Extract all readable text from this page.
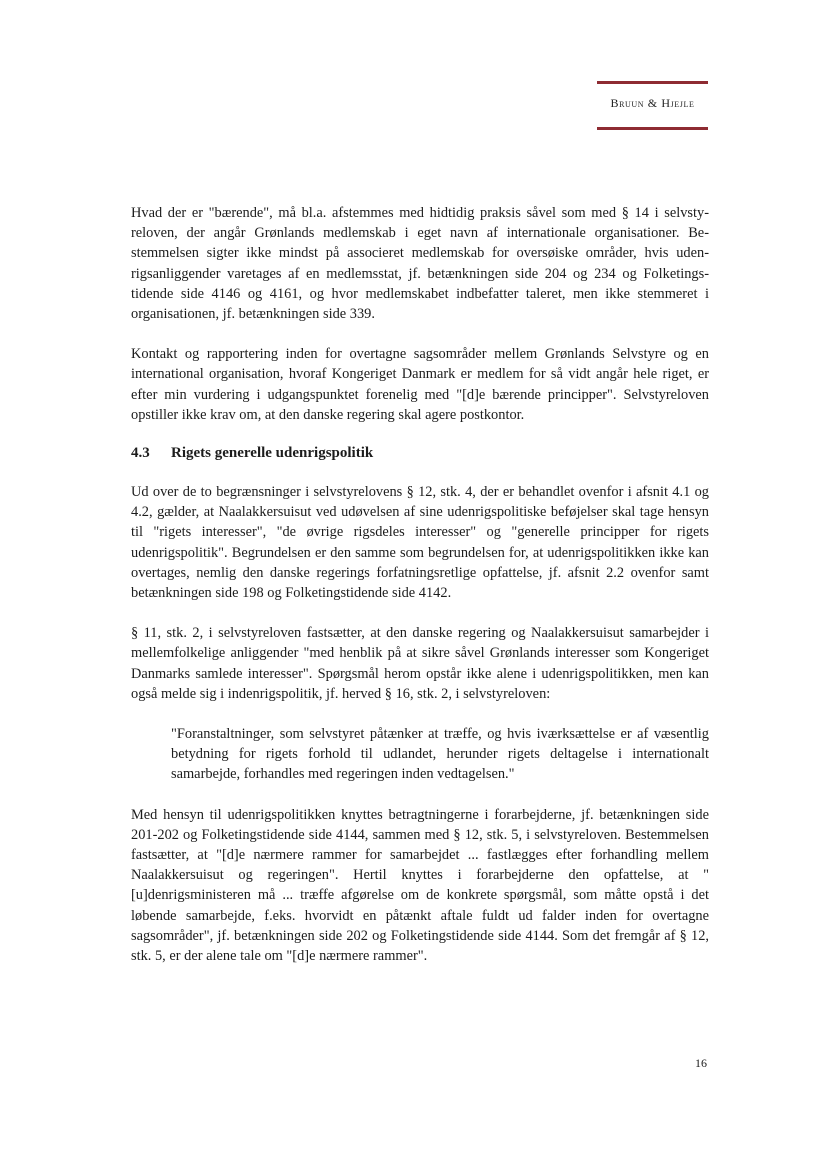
Bruun & Hjejle

Hvad der er "bærende", må bl.a. afstemmes med hidtidig praksis såvel som med § 14 i selvstyreloven, der angår Grønlands medlemskab i eget navn af internationale organisationer. Bestemmelsen sigter ikke mindst på associeret medlemskab for oversøiske områder, hvis udenrigsanliggender varetages af en medlemsstat, jf. betænkningen side 204 og 234 og Folketingstidende side 4146 og 4161, og hvor medlemskabet indbefatter taleret, men ikke stemmeret i organisationen, jf. betænkningen side 339.

Kontakt og rapportering inden for overtagne sagsområder mellem Grønlands Selvstyre og en international organisation, hvoraf Kongeriget Danmark er medlem for så vidt angår hele riget, er efter min vurdering i udgangspunktet forenelig med "[d]e bærende principper". Selvstyreloven opstiller ikke krav om, at den danske regering skal agere postkontor.

4.3 Rigets generelle udenrigspolitik

Ud over de to begrænsninger i selvstyrelovens § 12, stk. 4, der er behandlet ovenfor i afsnit 4.1 og 4.2, gælder, at Naalakkersuisut ved udøvelsen af sine udenrigspolitiske beføjelser skal tage hensyn til "rigets interesser", "de øvrige rigsdeles interesser" og "generelle principper for rigets udenrigspolitik". Begrundelsen er den samme som begrundelsen for, at udenrigspolitikken ikke kan overtages, nemlig den danske regerings forfatningsretlige opfattelse, jf. afsnit 2.2 ovenfor samt betænkningen side 198 og Folketingstidende side 4142.

§ 11, stk. 2, i selvstyreloven fastsætter, at den danske regering og Naalakkersuisut samarbejder i mellemfolkelige anliggender "med henblik på at sikre såvel Grønlands interesser som Kongeriget Danmarks samlede interesser". Spørgsmål herom opstår ikke alene i udenrigspolitikken, men kan også melde sig i indenrigspolitik, jf. herved § 16, stk. 2, i selvstyreloven:

"Foranstaltninger, som selvstyret påtænker at træffe, og hvis iværksættelse er af væsentlig betydning for rigets forhold til udlandet, herunder rigets deltagelse i internationalt samarbejde, forhandles med regeringen inden vedtagelsen."

Med hensyn til udenrigspolitikken knyttes betragtningerne i forarbejderne, jf. betænkningen side 201-202 og Folketingstidende side 4144, sammen med § 12, stk. 5, i selvstyreloven. Bestemmelsen fastsætter, at "[d]e nærmere rammer for samarbejdet ... fastlægges efter forhandling mellem Naalakkersuisut og regeringen". Hertil knyttes i forarbejderne den opfattelse, at "[u]denrigsministeren må ... træffe afgørelse om de konkrete spørgsmål, som måtte opstå i det løbende samarbejde, f.eks. hvorvidt en påtænkt aftale fuldt ud falder inden for overtagne sagsområder", jf. betænkningen side 202 og Folketingstidende side 4144. Som det fremgår af § 12, stk. 5, er der alene tale om "[d]e nærmere rammer".

16
